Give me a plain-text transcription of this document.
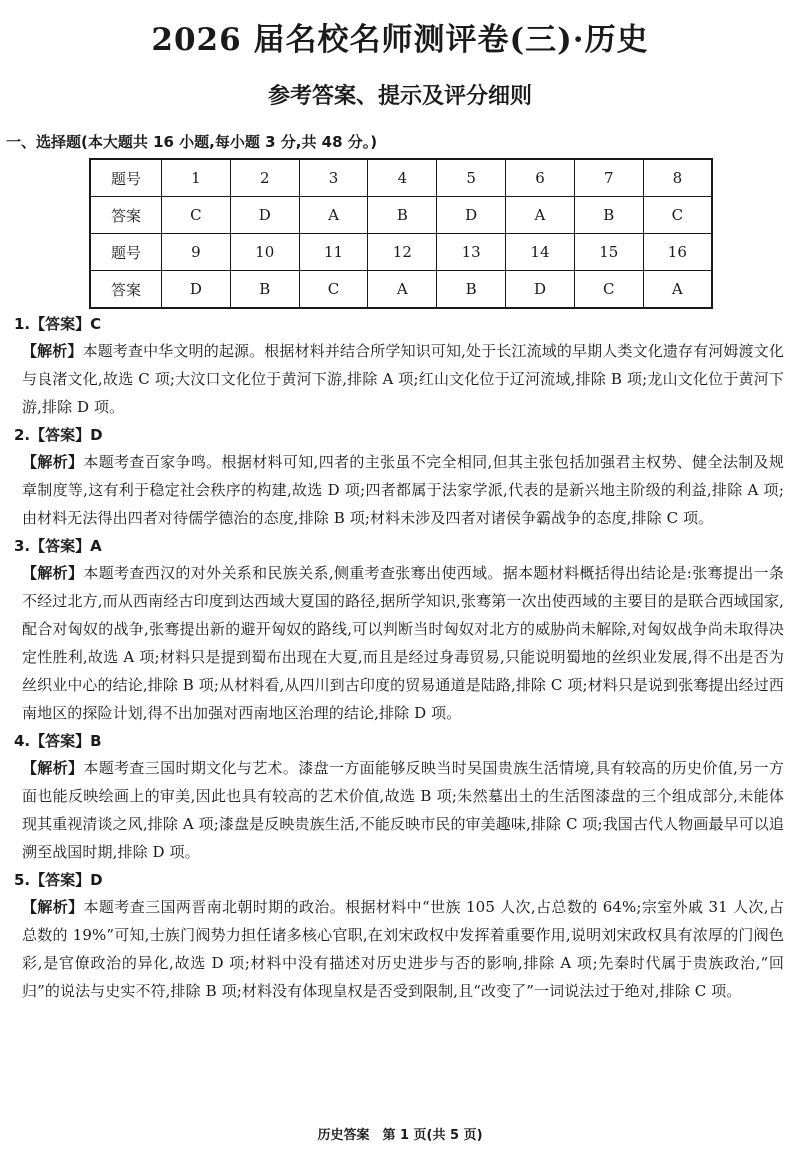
2026 届名校名师测评卷(三)·历史
参考答案、提示及评分细则

一、选择题(本大题共 16 小题,每小题 3 分,共 48 分。)

题号	1	2	3	4	5	6	7	8
答案	C	D	A	B	D	A	B	C
题号	9	10	11	12	13	14	15	16
答案	D	B	C	A	B	D	C	A

1.【答案】C

【解析】本题考查中华文明的起源。根据材料并结合所学知识可知,处于长江流域的早期人类文化遗存有河姆渡文化与良渚文化,故选 C 项;大汶口文化位于黄河下游,排除 A 项;红山文化位于辽河流域,排除 B 项;龙山文化位于黄河下游,排除 D 项。

2.【答案】D

【解析】本题考查百家争鸣。根据材料可知,四者的主张虽不完全相同,但其主张包括加强君主权势、健全法制及规章制度等,这有利于稳定社会秩序的构建,故选 D 项;四者都属于法家学派,代表的是新兴地主阶级的利益,排除 A 项;由材料无法得出四者对待儒学德治的态度,排除 B 项;材料未涉及四者对诸侯争霸战争的态度,排除 C 项。

3.【答案】A

【解析】本题考查西汉的对外关系和民族关系,侧重考查张骞出使西域。据本题材料概括得出结论是:张骞提出一条不经过北方,而从西南经古印度到达西域大夏国的路径,据所学知识,张骞第一次出使西域的主要目的是联合西域国家,配合对匈奴的战争,张骞提出新的避开匈奴的路线,可以判断当时匈奴对北方的威胁尚未解除,对匈奴战争尚未取得决定性胜利,故选 A 项;材料只是提到蜀布出现在大夏,而且是经过身毒贸易,只能说明蜀地的丝织业发展,得不出是否为丝织业中心的结论,排除 B 项;从材料看,从四川到古印度的贸易通道是陆路,排除 C 项;材料只是说到张骞提出经过西南地区的探险计划,得不出加强对西南地区治理的结论,排除 D 项。

4.【答案】B

【解析】本题考查三国时期文化与艺术。漆盘一方面能够反映当时吴国贵族生活情境,具有较高的历史价值,另一方面也能反映绘画上的审美,因此也具有较高的艺术价值,故选 B 项;朱然墓出土的生活图漆盘的三个组成部分,未能体现其重视清谈之风,排除 A 项;漆盘是反映贵族生活,不能反映市民的审美趣味,排除 C 项;我国古代人物画最早可以追溯至战国时期,排除 D 项。

5.【答案】D

【解析】本题考查三国两晋南北朝时期的政治。根据材料中“世族 105 人次,占总数的 64%;宗室外戚 31 人次,占总数的 19%”可知,士族门阀势力担任诸多核心官职,在刘宋政权中发挥着重要作用,说明刘宋政权具有浓厚的门阀色彩,是官僚政治的异化,故选 D 项;材料中没有描述对历史进步与否的影响,排除 A 项;先秦时代属于贵族政治,“回归”的说法与史实不符,排除 B 项;材料没有体现皇权是否受到限制,且“改变了”一词说法过于绝对,排除 C 项。

历史答案　第 1 页(共 5 页)
